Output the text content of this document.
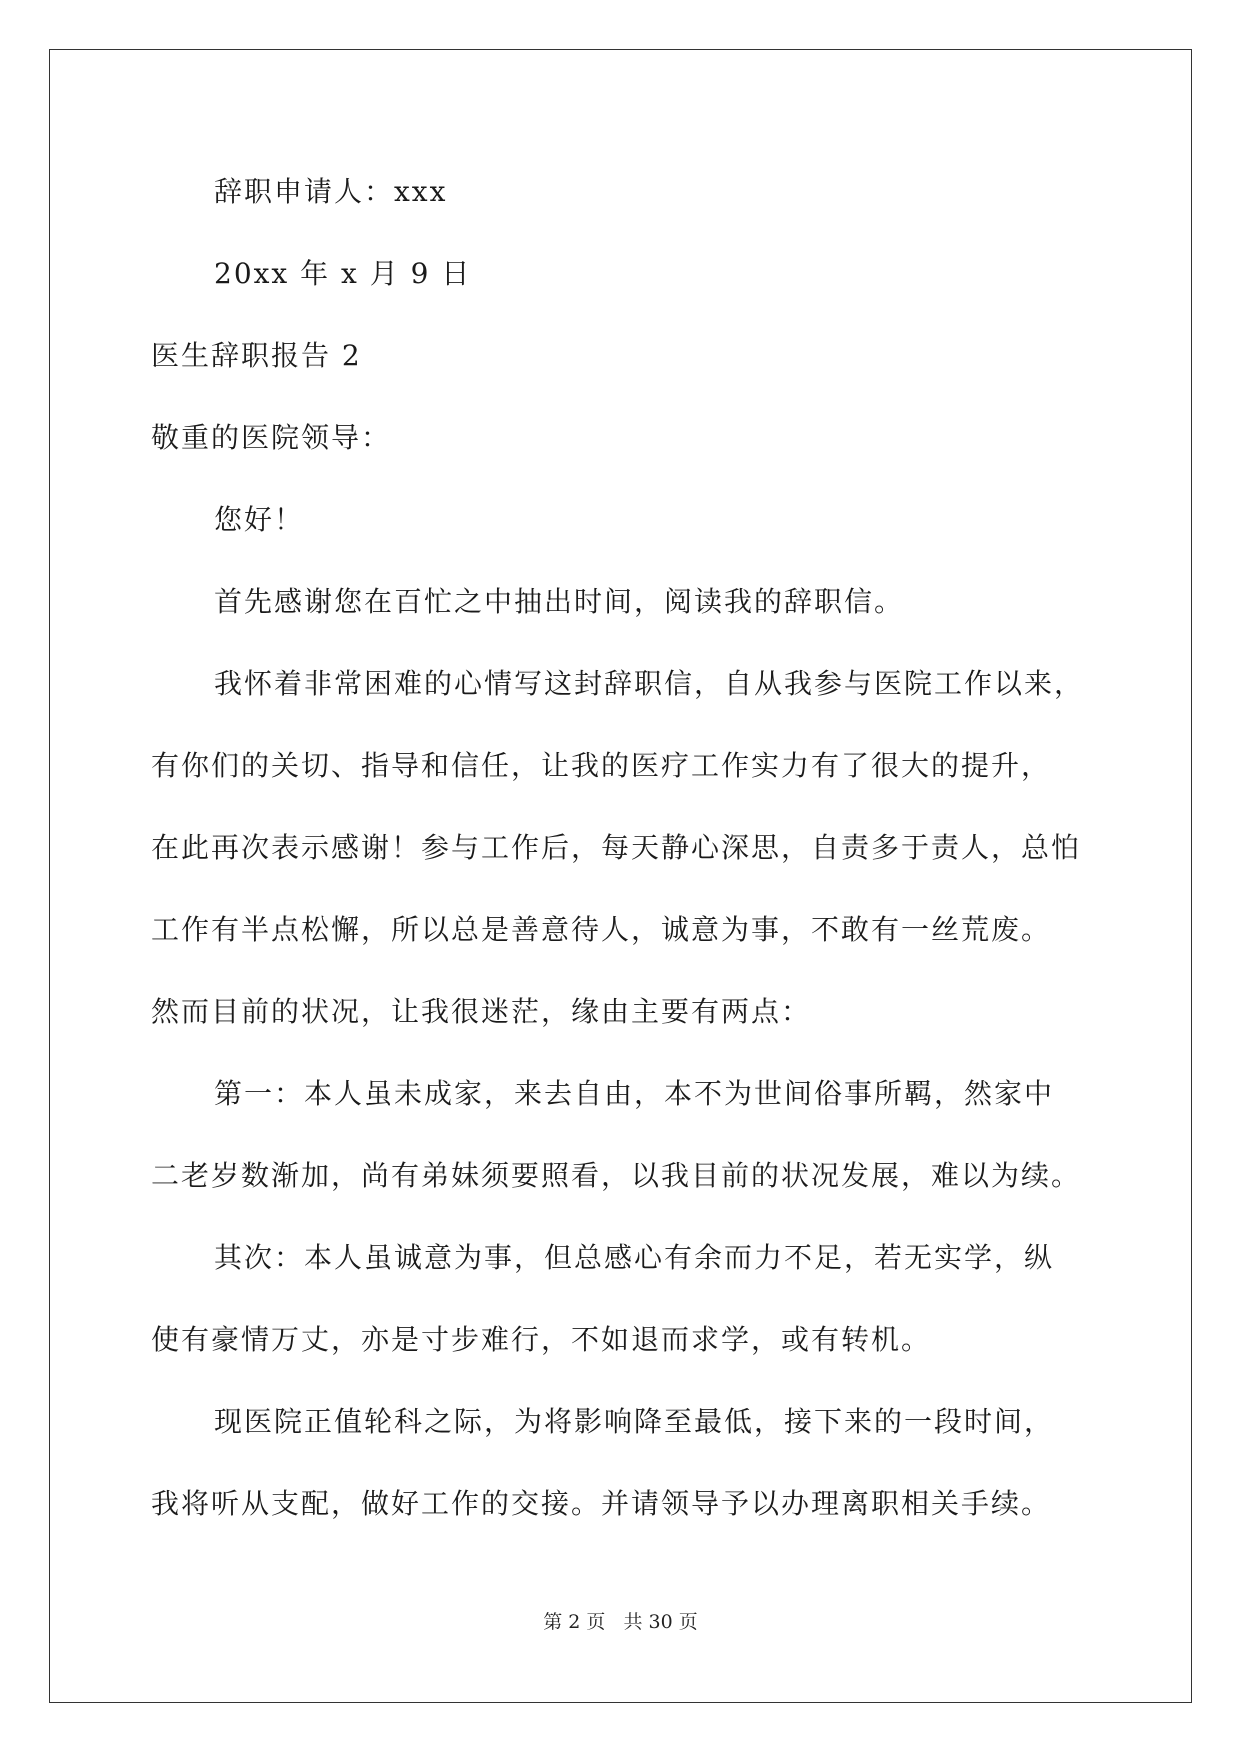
辞职申请人：xxx
20xx 年 x 月 9 日
医生辞职报告 2
敬重的医院领导：
您好！
首先感谢您在百忙之中抽出时间，阅读我的辞职信。
我怀着非常困难的心情写这封辞职信，自从我参与医院工作以来，
有你们的关切、指导和信任，让我的医疗工作实力有了很大的提升，
在此再次表示感谢！参与工作后，每天静心深思，自责多于责人，总怕
工作有半点松懈，所以总是善意待人，诚意为事，不敢有一丝荒废。
然而目前的状况，让我很迷茫，缘由主要有两点：
第一：本人虽未成家，来去自由，本不为世间俗事所羁，然家中
二老岁数渐加，尚有弟妹须要照看，以我目前的状况发展，难以为续。
其次：本人虽诚意为事，但总感心有余而力不足，若无实学，纵
使有豪情万丈，亦是寸步难行，不如退而求学，或有转机。
现医院正值轮科之际，为将影响降至最低，接下来的一段时间，
我将听从支配，做好工作的交接。并请领导予以办理离职相关手续。
第 2 页 共 30 页
